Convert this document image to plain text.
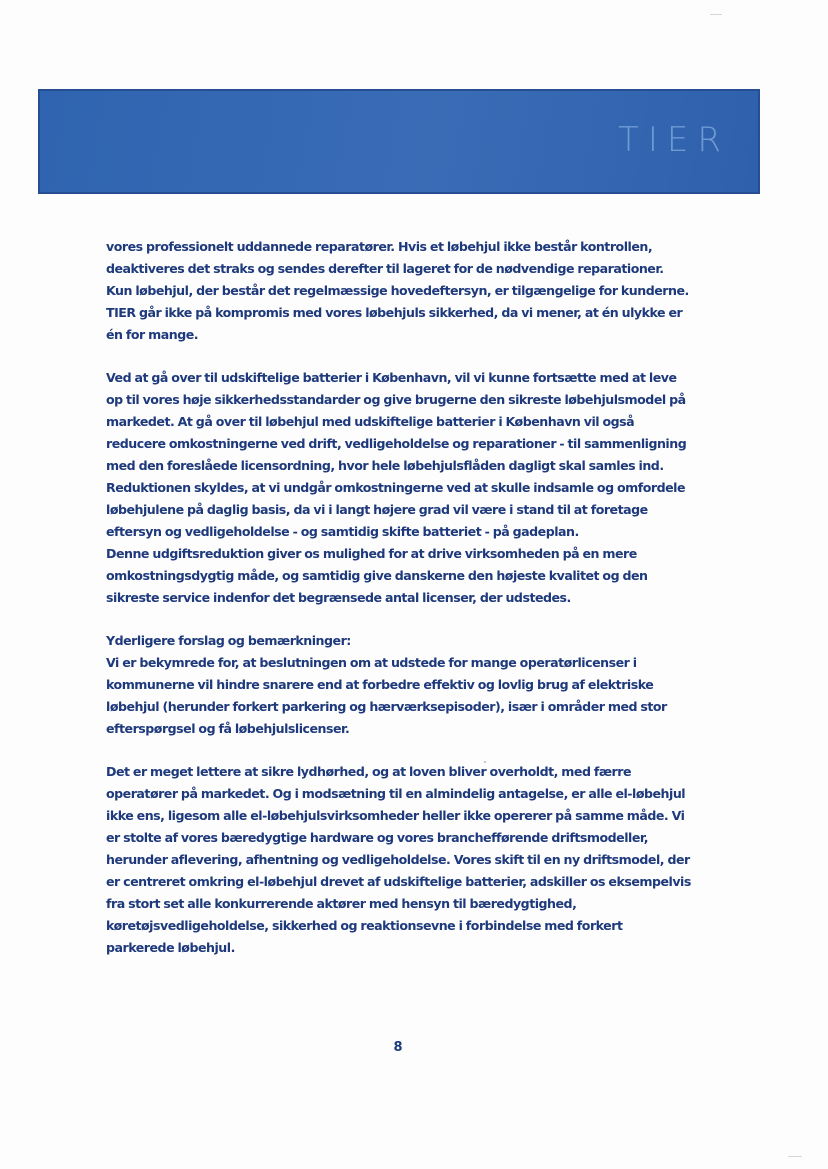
TIER

vores professionelt uddannede reparatører. Hvis et løbehjul ikke består kontrollen, deaktiveres det straks og sendes derefter til lageret for de nødvendige reparationer. Kun løbehjul, der består det regelmæssige hovedeftersyn, er tilgængelige for kunderne. TIER går ikke på kompromis med vores løbehjuls sikkerhed, da vi mener, at én ulykke er én for mange.

Ved at gå over til udskiftelige batterier i København, vil vi kunne fortsætte med at leve op til vores høje sikkerhedsstandarder og give brugerne den sikreste løbehjulsmodel på markedet. At gå over til løbehjul med udskiftelige batterier i København vil også reducere omkostningerne ved drift, vedligeholdelse og reparationer - til sammenligning med den foreslåede licensordning, hvor hele løbehjulsflåden dagligt skal samles ind. Reduktionen skyldes, at vi undgår omkostningerne ved at skulle indsamle og omfordele løbehjulene på daglig basis, da vi i langt højere grad vil være i stand til at foretage eftersyn og vedligeholdelse - og samtidig skifte batteriet - på gadeplan.

Denne udgiftsreduktion giver os mulighed for at drive virksomheden på en mere omkostningsdygtig måde, og samtidig give danskerne den højeste kvalitet og den sikreste service indenfor det begrænsede antal licenser, der udstedes.

Yderligere forslag og bemærkninger:

Vi er bekymrede for, at beslutningen om at udstede for mange operatørlicenser i kommunerne vil hindre snarere end at forbedre effektiv og lovlig brug af elektriske løbehjul (herunder forkert parkering og hærværksepisoder), især i områder med stor efterspørgsel og få løbehjulslicenser.

Det er meget lettere at sikre lydhørhed, og at loven bliver overholdt, med færre operatører på markedet. Og i modsætning til en almindelig antagelse, er alle el-løbehjul ikke ens, ligesom alle el-løbehjulsvirksomheder heller ikke opererer på samme måde. Vi er stolte af vores bæredygtige hardware og vores branchefførende driftsmodeller, herunder aflevering, afhentning og vedligeholdelse. Vores skift til en ny driftsmodel, der er centreret omkring el-løbehjul drevet af udskiftelige batterier, adskiller os eksempelvis fra stort set alle konkurrerende aktører med hensyn til bæredygtighed, køretøjsvedligeholdelse, sikkerhed og reaktionsevne i forbindelse med forkert parkerede løbehjul.

8
